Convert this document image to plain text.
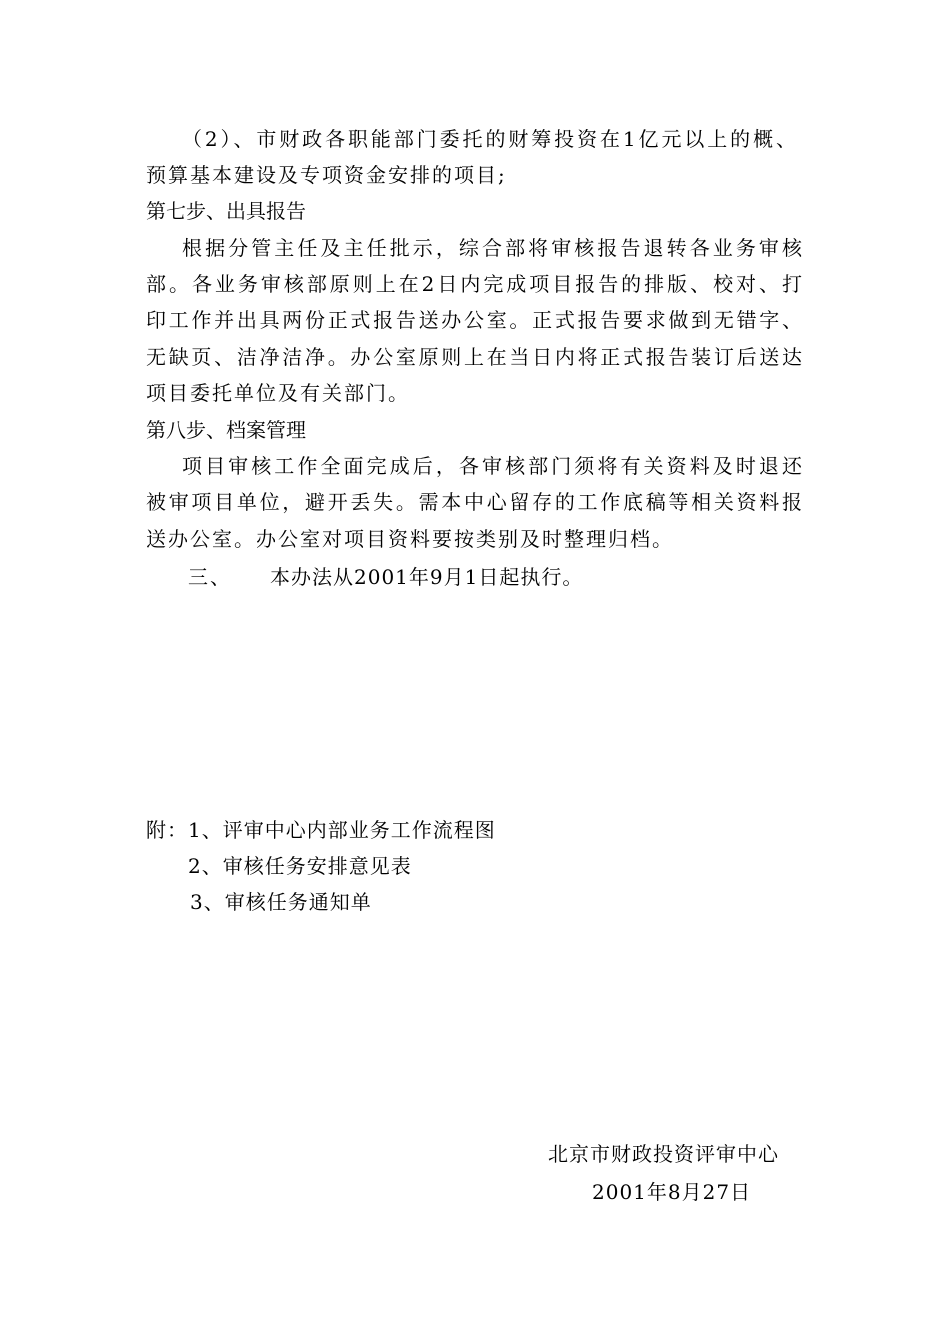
（2）、市财政各职能部门委托的财筹投资在1亿元以上的概、
预算基本建设及专项资金安排的项目;
第七步、出具报告
根据分管主任及主任批示，综合部将审核报告退转各业务审核
部。各业务审核部原则上在2日内完成项目报告的排版、校对、打
印工作并出具两份正式报告送办公室。正式报告要求做到无错字、
无缺页、洁净洁净。办公室原则上在当日内将正式报告装订后送达
项目委托单位及有关部门。
第八步、档案管理
项目审核工作全面完成后，各审核部门须将有关资料及时退还
被审项目单位，避开丢失。需本中心留存的工作底稿等相关资料报
送办公室。办公室对项目资料要按类别及时整理归档。
三、 本办法从2001年9月1日起执行。
附：1、评审中心内部业务工作流程图
2、审核任务安排意见表
3、审核任务通知单
北京市财政投资评审中心
2001年8月27日
